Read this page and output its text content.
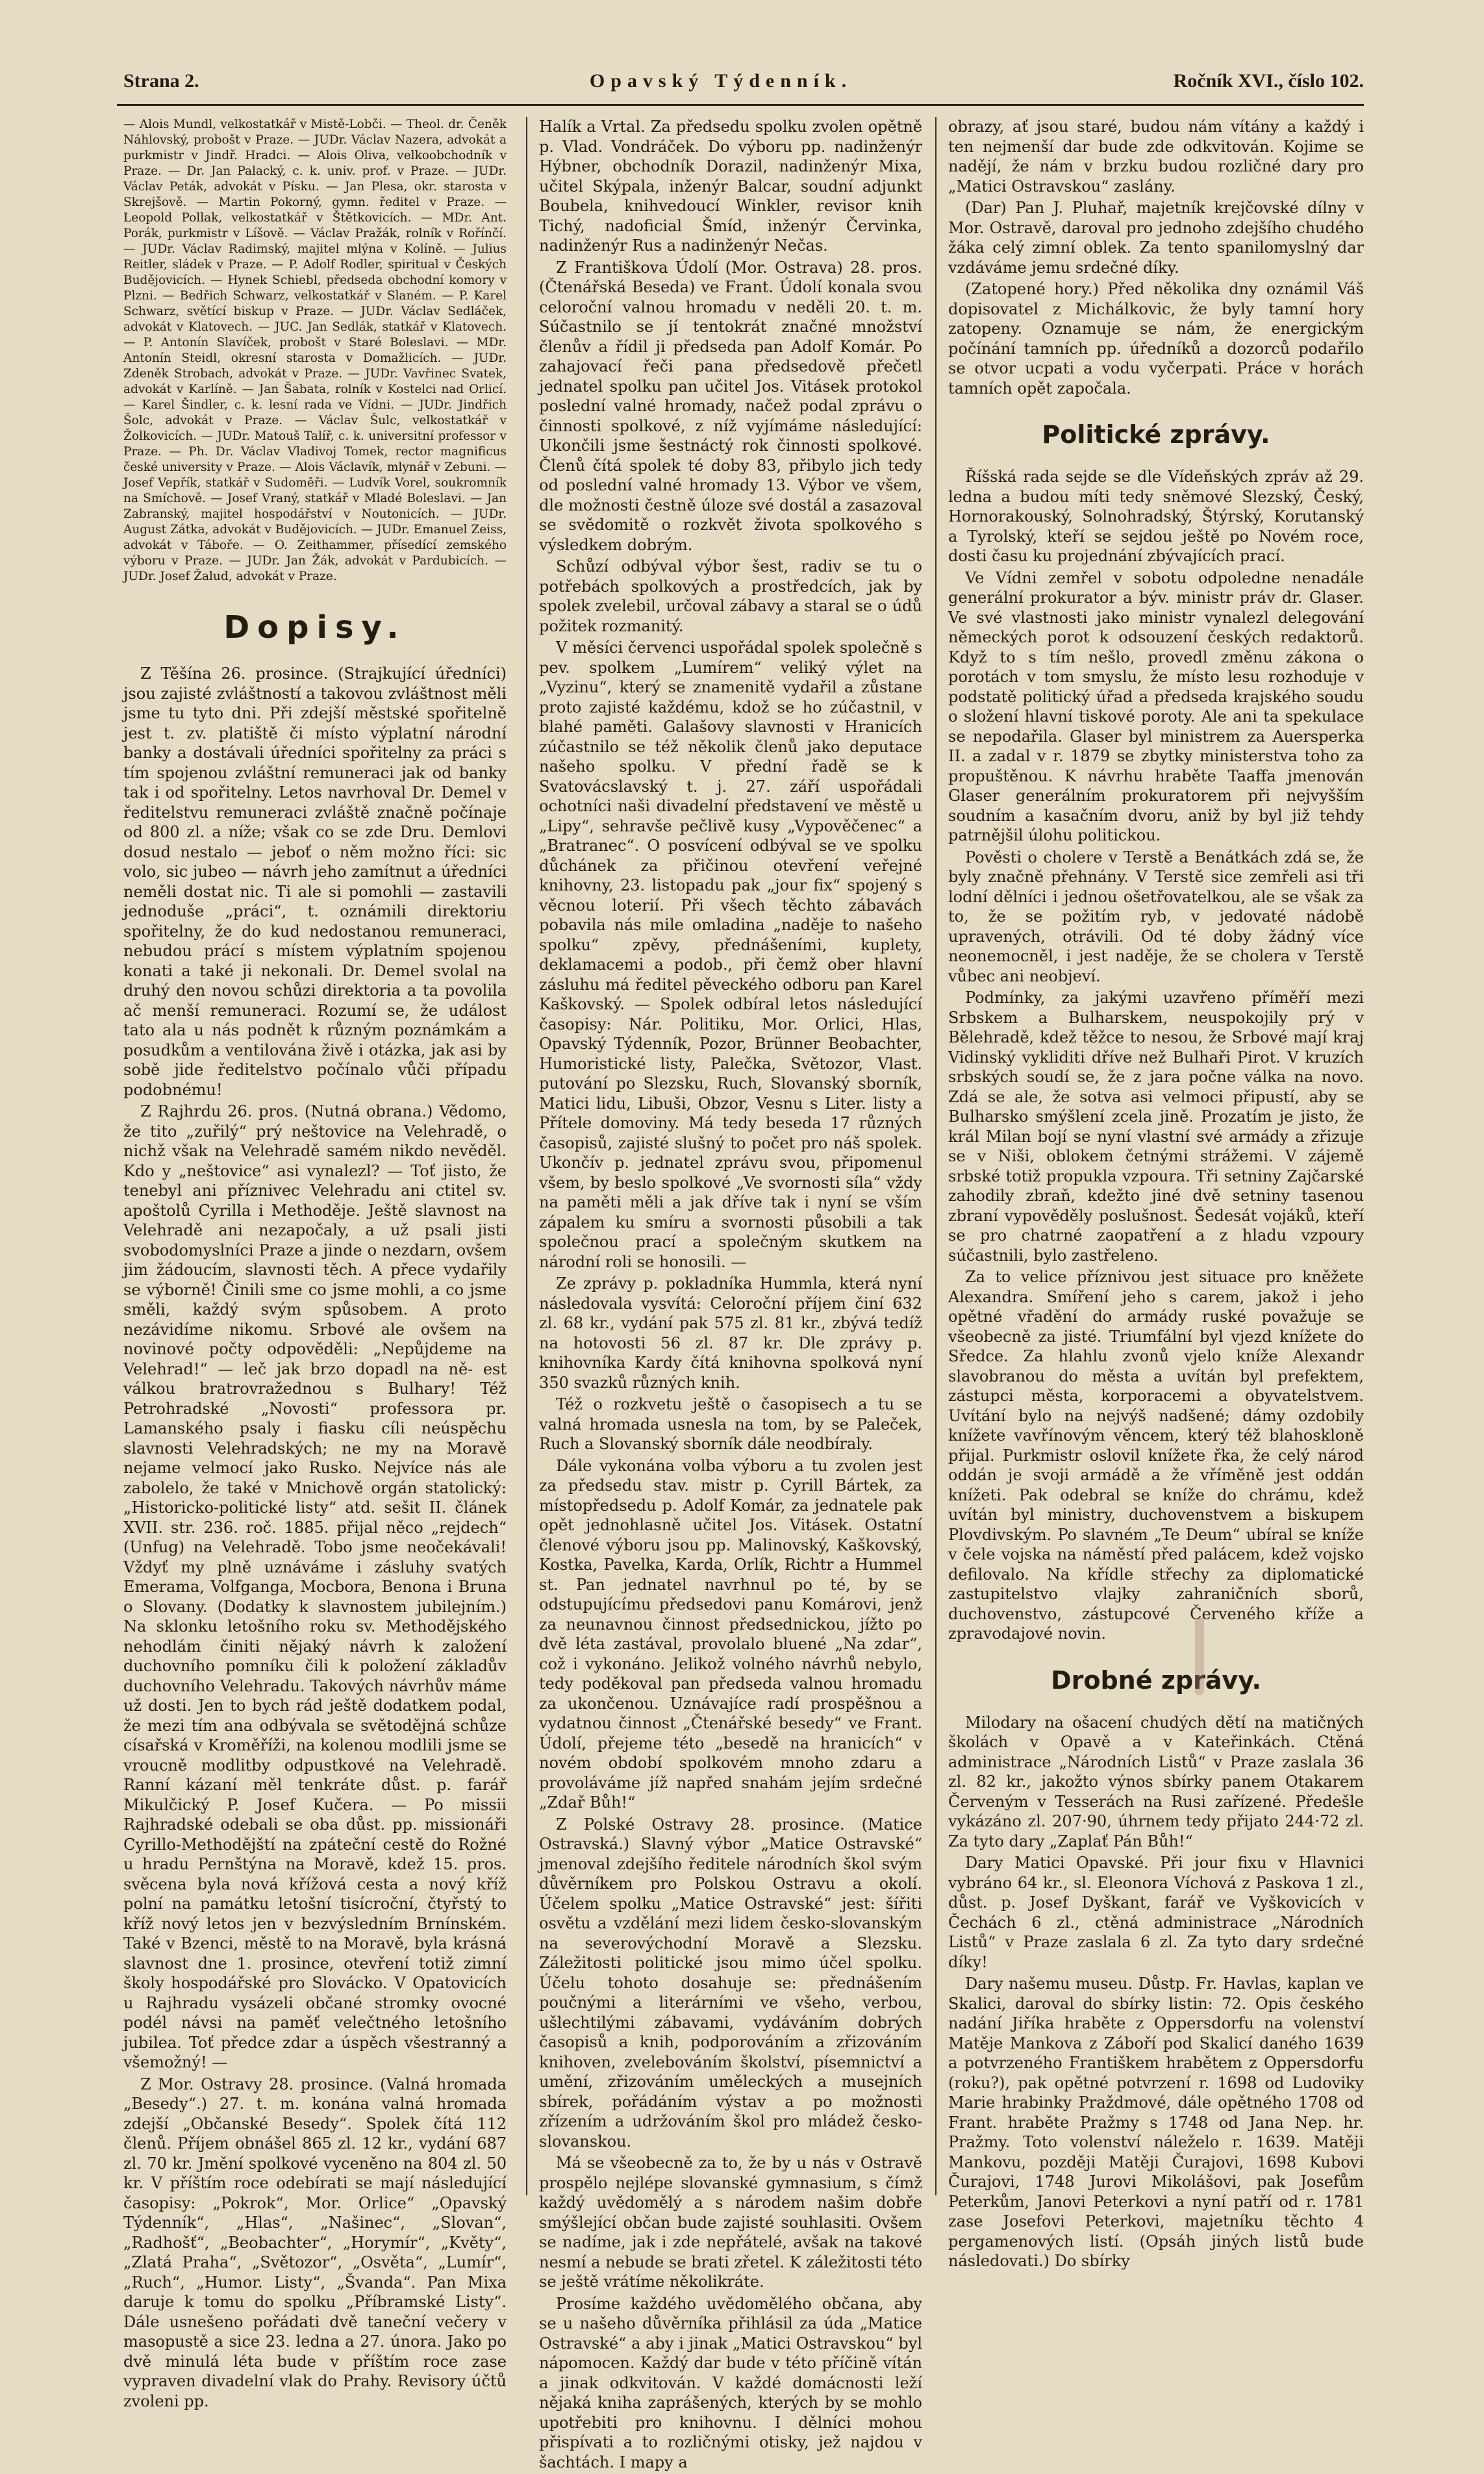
Strana 2.	Opavský Týdenník.	Ročník XVI., číslo 102.

— Alois Mundl, velkostatkář v Mistě-Lobči. — Theol. dr. Čeněk Náhlovský, probošt v Praze. — JUDr. Václav Nazera, advokát a purkmistr v Jindř. Hradci. — Alois Oliva, velkoobchodník v Praze. — Dr. Jan Palacký, c. k. univ. prof. v Praze. — JUDr. Václav Peták, advokát v Písku. — Jan Plesa, okr. starosta v Skrejšově. — Martin Pokorný, gymn. ředitel v Praze. — Leopold Pollak, velkostatkář v Štětkovicích. — MDr. Ant. Porák, purkmistr v Líšově. — Václav Pražák, rolník v Rořínčí. — JUDr. Václav Radimský, majitel mlýna v Kolíně. — Julius Reitler, sládek v Praze. — P. Adolf Rodler, spiritual v Českých Budějovicích. — Hynek Schiebl, předseda obchodní komory v Plzni. — Bedřich Schwarz, velkostatkář v Slaném. — P. Karel Schwarz, světící biskup v Praze. — JUDr. Václav Sedláček, advokát v Klatovech. — JUC. Jan Sedlák, statkář v Klatovech. — P. Antonín Slavíček, probošt v Staré Boleslavi. — MDr. Antonín Steidl, okresní starosta v Domažlicích. — JUDr. Zdeněk Strobach, advokát v Praze. — JUDr. Vavřinec Svatek, advokát v Karlíně. — Jan Šabata, rolník v Kostelci nad Orlicí. — Karel Šindler, c. k. lesní rada ve Vídni. — JUDr. Jindřich Šolc, advokát v Praze. — Václav Šulc, velkostatkář v Žolkovicích. — JUDr. Matouš Talíř, c. k. universitní professor v Praze. — Ph. Dr. Václav Vladivoj Tomek, rector magnificus české university v Praze. — Alois Václavík, mlynář v Zebuni. — Josef Vepřík, statkář v Sudoměři. — Ludvík Vorel, soukromník na Smíchově. — Josef Vraný, statkář v Mladé Boleslavi. — Jan Zabranský, majitel hospodářství v Noutonicích. — JUDr. August Zátka, advokát v Budějovicích. — JUDr. Emanuel Zeiss, advokát v Táboře. — O. Zeithammer, přísedící zemského výboru v Praze. — JUDr. Jan Žák, advokát v Pardubicích. — JUDr. Josef Žalud, advokát v Praze.

Dopisy.

Z Těšína 26. prosince. (Strajkující úředníci) jsou zajisté zvláštností a takovou zvláštnost měli jsme tu tyto dni. Při zdejší městské spořitelně jest t. zv. platiště či místo výplatní národní banky a dostávali úředníci spořitelny za práci s tím spojenou zvláštní remuneraci jak od banky tak i od spořitelny. Letos navrhoval Dr. Demel v ředitelstvu remuneraci zvláště značně počínaje od 800 zl. a níže; však co se zde Dru. Demlovi dosud nestalo — jeboť o něm možno říci: sic volo, sic jubeo — návrh jeho zamítnut a úředníci neměli dostat nic. Ti ale si pomohli — zastavili jednoduše „práci“, t. oznámili direktoriu spořitelny, že do kud nedostanou remuneraci, nebudou prácí s místem výplatním spojenou konati a také ji nekonali. Dr. Demel svolal na druhý den novou schůzi direktoria a ta povolila ač menší remuneraci. Rozumí se, že událost tato ala u nás podnět k různým poznámkám a posudkům a ventilována živě i otázka, jak asi by sobě jide ředitelstvo počínalo vůči případu podobnému!

Z Rajhrdu 26. pros. (Nutná obrana.) Vědomo, že tito „zuřilý“ prý neštovice na Velehradě, o nichž však na Velehradě samém nikdo nevěděl. Kdo y „neštovice“ asi vynalezl? — Toť jisto, že tenebyl ani příznivec Velehradu ani ctitel sv. apoštolů Cyrilla i Methoděje. Ještě slavnost na Velehradě ani nezapočaly, a už psali jisti svobodomyslníci Praze a jinde o nezdarn, ovšem jim žádoucím, slavnosti těch. A přece vydařily se výborně! Činili sme co jsme mohli, a co jsme směli, každý svým spůsobem. A proto nezávidíme nikomu. Srbové ale ovšem na novinové počty odpověděli: „Nepůjdeme na Velehrad!“ — leč jak brzo dopadl na ně- est válkou bratrovražednou s Bulhary! Též Petrohradské „Novosti“ professora pr. Lamanského psaly i fiasku cíli neúspěchu slavnosti Velehradských; ne my na Moravě nejame velmocí jako Rusko. Nejvíce nás ale zabolelo, že také v Mnichově orgán statolický: „Historicko-politické listy“ atd. sešit II. článek XVII. str. 236. roč. 1885. přijal něco „rejdech“ (Unfug) na Velehradě. Tobo jsme neočekávali! Vždyť my plně uznáváme i zásluhy svatých Emerama, Volfganga, Mocbora, Benona i Bruna o Slovany. (Dodatky k slavnostem jubilejním.) Na sklonku letošního roku sv. Methodějského nehodlám činiti nějaký návrh k založení duchovního pomníku čili k položení základův duchovního Velehradu. Takových návrhův máme už dosti. Jen to bych rád ještě dodatkem podal, že mezi tím ana odbývala se světodějná schůze císařská v Kroměříži, na kolenou modlili jsme se vroucně modlitby odpustkové na Velehradě. Ranní kázaní měl tenkráte důst. p. farář Mikulčický P. Josef Kučera. — Po missii Rajhradské odebali se oba důst. pp. missionáři Cyrillo-Methodějští na zpáteční cestě do Rožné u hradu Pernštýna na Moravě, kdež 15. pros. svěcena byla nová křížová cesta a nový kříž polní na památku letošní tisícroční, čtyřstý to kříž nový letos jen v bezvýsledním Brnínském. Také v Bzenci, městě to na Moravě, byla krásná slavnost dne 1. prosince, otevření totiž zimní školy hospodářské pro Slovácko. V Opatovicích u Rajhradu vysázeli občané stromky ovocné podél návsi na paměť velečtného letošního jubilea. Toť předce zdar a úspěch všestranný a všemožný! —

Z Mor. Ostravy 28. prosince. (Valná hromada „Besedy“.) 27. t. m. konána valná hromada zdejší „Občanské Besedy“. Spolek čítá 112 členů. Příjem obnášel 865 zl. 12 kr., vydání 687 zl. 70 kr. Jmění spolkové vyceněno na 804 zl. 50 kr. V příštím roce odebírati se mají následující časopisy: „Pokrok“, Mor. Orlice“ „Opavský Týdenník“, „Hlas“, „Našinec“, „Slovan“, „Radhošť“, „Beobachter“, „Horymír“, „Květy“, „Zlatá Praha“, „Světozor“, „Osvěta“, „Lumír“, „Ruch“, „Humor. Listy“, „Švanda“. Pan Mixa daruje k tomu do spolku „Příbramské Listy“. Dále usnešeno pořádati dvě taneční večery v masopustě a sice 23. ledna a 27. února. Jako po dvě minulá léta bude v příštím roce zase vypraven divadelní vlak do Prahy. Revisory účtů zvoleni pp.

Halík a Vrtal. Za předsedu spolku zvolen opětně p. Vlad. Vondráček. Do výboru pp. nadinženýr Hýbner, obchodník Dorazil, nadinženýr Mixa, učitel Skýpala, inženýr Balcar, soudní adjunkt Boubela, knihvedoucí Winkler, revisor knih Tichý, nadoficial Šmíd, inženýr Červinka, nadinženýr Rus a nadinženýr Nečas.

Z Františkova Údolí (Mor. Ostrava) 28. pros. (Čtenářská Beseda) ve Frant. Údolí konala svou celoroční valnou hromadu v neděli 20. t. m. Súčastnilo se jí tentokrát značné množství členův a řídil ji předseda pan Adolf Komár. Po zahajovací řeči pana předsedově přečetl jednatel spolku pan učitel Jos. Vitásek protokol poslední valné hromady, načež podal zprávu o činnosti spolkové, z níž vyjímáme následující: Ukončili jsme šestnáctý rok činnosti spolkové. Členů čítá spolek té doby 83, přibylo jich tedy od poslední valné hromady 13. Výbor ve všem, dle možnosti čestně úloze své dostál a zasazoval se svědomitě o rozkvět života spolkového s výsledkem dobrým.

Schůzí odbýval výbor šest, radiv se tu o potřebách spolkových a prostředcích, jak by spolek zvelebil, určoval zábavy a staral se o údů požitek rozmanitý.

V měsíci červenci uspořádal spolek společně s pev. spolkem „Lumírem“ veliký výlet na „Vyzinu“, který se znamenitě vydařil a zůstane proto zajisté každému, kdož se ho zúčastnil, v blahé paměti. Galašovy slavnosti v Hranicích zúčastnilo se též několik členů jako deputace našeho spolku. V přední řadě se k Svatovácslavský t. j. 27. září uspořádali ochotníci naši divadelní představení ve městě u „Lipy“, sehravše pečlivě kusy „Vypověčenec“ a „Bratranec“. O posvícení odbýval se ve spolku důchánek za přičinou otevření veřejné knihovny, 23. listopadu pak „jour fix“ spojený s věcnou loterií. Při všech těchto zábavách pobavila nás mile omladina „naděje to našeho spolku“ zpěvy, přednášeními, kuplety, deklamacemi a podob., při čemž ober hlavní zásluhu má ředitel pěveckého odboru pan Karel Kaškovský. — Spolek odbíral letos následující časopisy: Nár. Politiku, Mor. Orlici, Hlas, Opavský Týdenník, Pozor, Brünner Beobachter, Humoristické listy, Palečka, Světozor, Vlast. putování po Slezsku, Ruch, Slovanský sborník, Matici lidu, Libuši, Obzor, Vesnu s Liter. listy a Přítele domoviny. Má tedy beseda 17 různých časopisů, zajisté slušný to počet pro náš spolek. Ukončív p. jednatel zprávu svou, připomenul všem, by beslo spolkové „Ve svornosti síla“ vždy na paměti měli a jak dříve tak i nyní se vším zápalem ku smíru a svornosti působili a tak společnou prací a společným skutkem na národní roli se honosili. —

Ze zprávy p. pokladníka Hummla, která nyní následovala vysvítá: Celoroční příjem činí 632 zl. 68 kr., vydání pak 575 zl. 81 kr., zbývá tedíž na hotovosti 56 zl. 87 kr. Dle zprávy p. knihovníka Kardy čítá knihovna spolková nyní 350 svazků různých knih.

Též o rozkvetu ještě o časopisech a tu se valná hromada usnesla na tom, by se Paleček, Ruch a Slovanský sborník dále neodbíraly.

Dále vykonána volba výboru a tu zvolen jest za předsedu stav. mistr p. Cyrill Bártek, za místopředsedu p. Adolf Komár, za jednatele pak opět jednohlasně učitel Jos. Vitásek. Ostatní členové výboru jsou pp. Malinovský, Kaškovský, Kostka, Pavelka, Karda, Orlík, Richtr a Hummel st. Pan jednatel navrhnul po té, by se odstupujícímu předsedovi panu Komárovi, jenž za neunavnou činnost předsednickou, jížto po dvě léta zastával, provolalo bluené „Na zdar“, což i vykonáno. Jelikož volného návrhů nebylo, tedy poděkoval pan předseda valnou hromadu za ukončenou. Uznávajíce radí prospěšnou a vydatnou činnost „Čtenářské besedy“ ve Frant. Údolí, přejeme této „besedě na hranicích“ v novém období spolkovém mnoho zdaru a provoláváme jíž napřed snahám jejím srdečné „Zdař Bůh!“

Z Polské Ostravy 28. prosince. (Matice Ostravská.) Slavný výbor „Matice Ostravské“ jmenoval zdejšího ředitele národních škol svým důvěrníkem pro Polskou Ostravu a okolí. Účelem spolku „Matice Ostravské“ jest: šířiti osvětu a vzdělání mezi lidem česko-slovanským na severovýchodní Moravě a Slezsku. Záležitosti politické jsou mimo účel spolku. Účelu tohoto dosahuje se: přednášením poučnými a literárními ve všeho, verbou, ušlechtilými zábavami, vydáváním dobrých časopisů a knih, podporováním a zřizováním knihoven, zvelebováním školství, písemnictví a umění, zřizováním uměleckých a musejních sbírek, pořádáním výstav a po možnosti zřízením a udržováním škol pro mládež česko-slovanskou.

Má se všeobecně za to, že by u nás v Ostravě prospělo nejlépe slovanské gymnasium, s čímž každý uvědomělý a s národem našim dobře smýšlející občan bude zajisté souhlasiti. Ovšem se nadíme, jak i zde nepřátelé, avšak na takové nesmí a nebude se brati zřetel. K záležitosti této se ještě vrátíme několikráte.

Prosíme každého uvědomělého občana, aby se u našeho důvěrníka přihlásil za úda „Matice Ostravské“ a aby i jinak „Matici Ostravskou“ byl nápomocen. Každý dar bude v této příčině vítán a jinak odkvitován. V každé domácnosti leží nějaká kniha zaprášených, kterých by se mohlo upotřebiti pro knihovnu. I dělníci mohou přispívati a to rozličnými otisky, jež najdou v šachtách. I mapy a

obrazy, ať jsou staré, budou nám vítány a každý i ten nejmenší dar bude zde odkvitován. Kojime se nadějí, že nám v brzku budou rozličné dary pro „Matici Ostravskou“ zaslány.

(Dar) Pan J. Pluhař, majetník krejčovské dílny v Mor. Ostravě, daroval pro jednoho zdejšího chudého žáka celý zimní oblek. Za tento spanilomyslný dar vzdáváme jemu srdečné díky.

(Zatopené hory.) Před několika dny oznámil Váš dopisovatel z Michálkovic, že byly tamní hory zatopeny. Oznamuje se nám, že energickým počínání tamních pp. úředníků a dozorců podařilo se otvor ucpati a vodu vyčerpati. Práce v horách tamních opět započala.

Politické zprávy.

Říšská rada sejde se dle Vídeňských zpráv až 29. ledna a budou míti tedy sněmové Slezský, Český, Hornorakouský, Solnohradský, Štýrský, Korutanský a Tyrolský, kteří se sejdou ještě po Novém roce, dosti času ku projednání zbývajících prací.

Ve Vídni zemřel v sobotu odpoledne nenadále generální prokurator a býv. ministr práv dr. Glaser. Ve své vlastnosti jako ministr vynalezl delegování německých porot k odsouzení českých redaktorů. Když to s tím nešlo, provedl změnu zákona o porotách v tom smyslu, že místo lesu rozhoduje v podstatě politický úřad a předseda krajského soudu o složení hlavní tiskové poroty. Ale ani ta spekulace se nepodařila. Glaser byl ministrem za Auersperka II. a zadal v r. 1879 se zbytky ministerstva toho za propuštěnou. K návrhu hraběte Taaffa jmenován Glaser generálním prokuratorem při nejvyšším soudním a kasačním dvoru, aniž by byl již tehdy patrnějšil úlohu politickou.

Pověsti o cholere v Terstě a Benátkách zdá se, že byly značně přehnány. V Terstě sice zemřeli asi tři lodní dělníci i jednou ošetřovatelkou, ale se však za to, že se požitím ryb, v jedovaté nádobě upravených, otrávili. Od té doby žádný více neonemocněl, i jest naděje, že se cholera v Terstě vůbec ani neobjeví.

Podmínky, za jakými uzavřeno příměří mezi Srbskem a Bulharskem, neuspokojily prý v Bělehradě, kdež těžce to nesou, že Srbové mají kraj Vidinský vykliditi dříve než Bulhaři Pirot. V kruzích srbských soudí se, že z jara počne válka na novo. Zdá se ale, že sotva asi velmoci připustí, aby se Bulharsko smýšlení zcela jině. Prozatím je jisto, že král Milan bojí se nyní vlastní své armády a zřizuje se v Niši, oblokem četnými strážemi. V zájemě srbské totiž propukla vzpoura. Tři setniny Zajčarské zahodily zbraň, kdežto jiné dvě setniny tasenou zbraní vypověděly poslušnost. Šedesát vojáků, kteří se pro chatrné zaopatření a z hladu vzpoury súčastnili, bylo zastřeleno.

Za to velice příznivou jest situace pro kněžete Alexandra. Smíření jeho s carem, jakož i jeho opětné vřadění do armády ruské považuje se všeobecně za jisté. Triumfální byl vjezd knížete do Sředce. Za hlahlu zvonů vjelo kníže Alexandr slavobranou do města a uvítán byl prefektem, zástupci města, korporacemi a obyvatelstvem. Uvítání bylo na nejvýš nadšené; dámy ozdobily knížete vavřínovým věncem, který též blahoskloně přijal. Purkmistr oslovil knížete řka, že celý národ oddán je svoji armádě a že vříměně jest oddán knížeti. Pak odebral se kníže do chrámu, kdež uvítán byl ministry, duchovenstvem a biskupem Plovdivským. Po slavném „Te Deum“ ubíral se kníže v čele vojska na náměstí před palácem, kdež vojsko defilovalo. Na křídle střechy za diplomatické zastupitelstvo vlajky zahraničních sborů, duchovenstvo, zástupcové Červeného kříže a zpravodajové novin.

Drobné zprávy.

Milodary na ošacení chudých dětí na matičných školách v Opavě a v Kateřinkách. Ctěná administrace „Národních Listů“ v Praze zaslala 36 zl. 82 kr., jakožto výnos sbírky panem Otakarem Červeným v Tesserách na Rusi zařízené. Předešle vykázáno zl. 207·90, úhrnem tedy přijato 244·72 zl. Za tyto dary „Zaplať Pán Bůh!“

Dary Matici Opavské. Při jour fixu v Hlavnici vybráno 64 kr., sl. Eleonora Víchová z Paskova 1 zl., důst. p. Josef Dyškant, farář ve Vyškovicích v Čechách 6 zl., ctěná administrace „Národních Listů“ v Praze zaslala 6 zl. Za tyto dary srdečné díky!

Dary našemu museu. Důstp. Fr. Havlas, kaplan ve Skalici, daroval do sbírky listin: 72. Opis českého nadání Jiříka hraběte z Oppersdorfu na volenství Matěje Mankova z Záboří pod Skalicí daného 1639 a potvrzeného Františkem hrabětem z Oppersdorfu (roku?), pak opětné potvrzení r. 1698 od Ludoviky Marie hrabinky Praždmové, dále opětného 1708 od Frant. hraběte Pražmy s 1748 od Jana Nep. hr. Pražmy. Toto volenství náleželo r. 1639. Matěji Mankovu, později Matěji Čurajovi, 1698 Kubovi Čurajovi, 1748 Jurovi Mikolášovi, pak Josefům Peterkům, Janovi Peterkovi a nyní patří od r. 1781 zase Josefovi Peterkovi, majetníku těchto 4 pergamenových listí. (Opsáh jiných listů bude následovati.) Do sbírky
